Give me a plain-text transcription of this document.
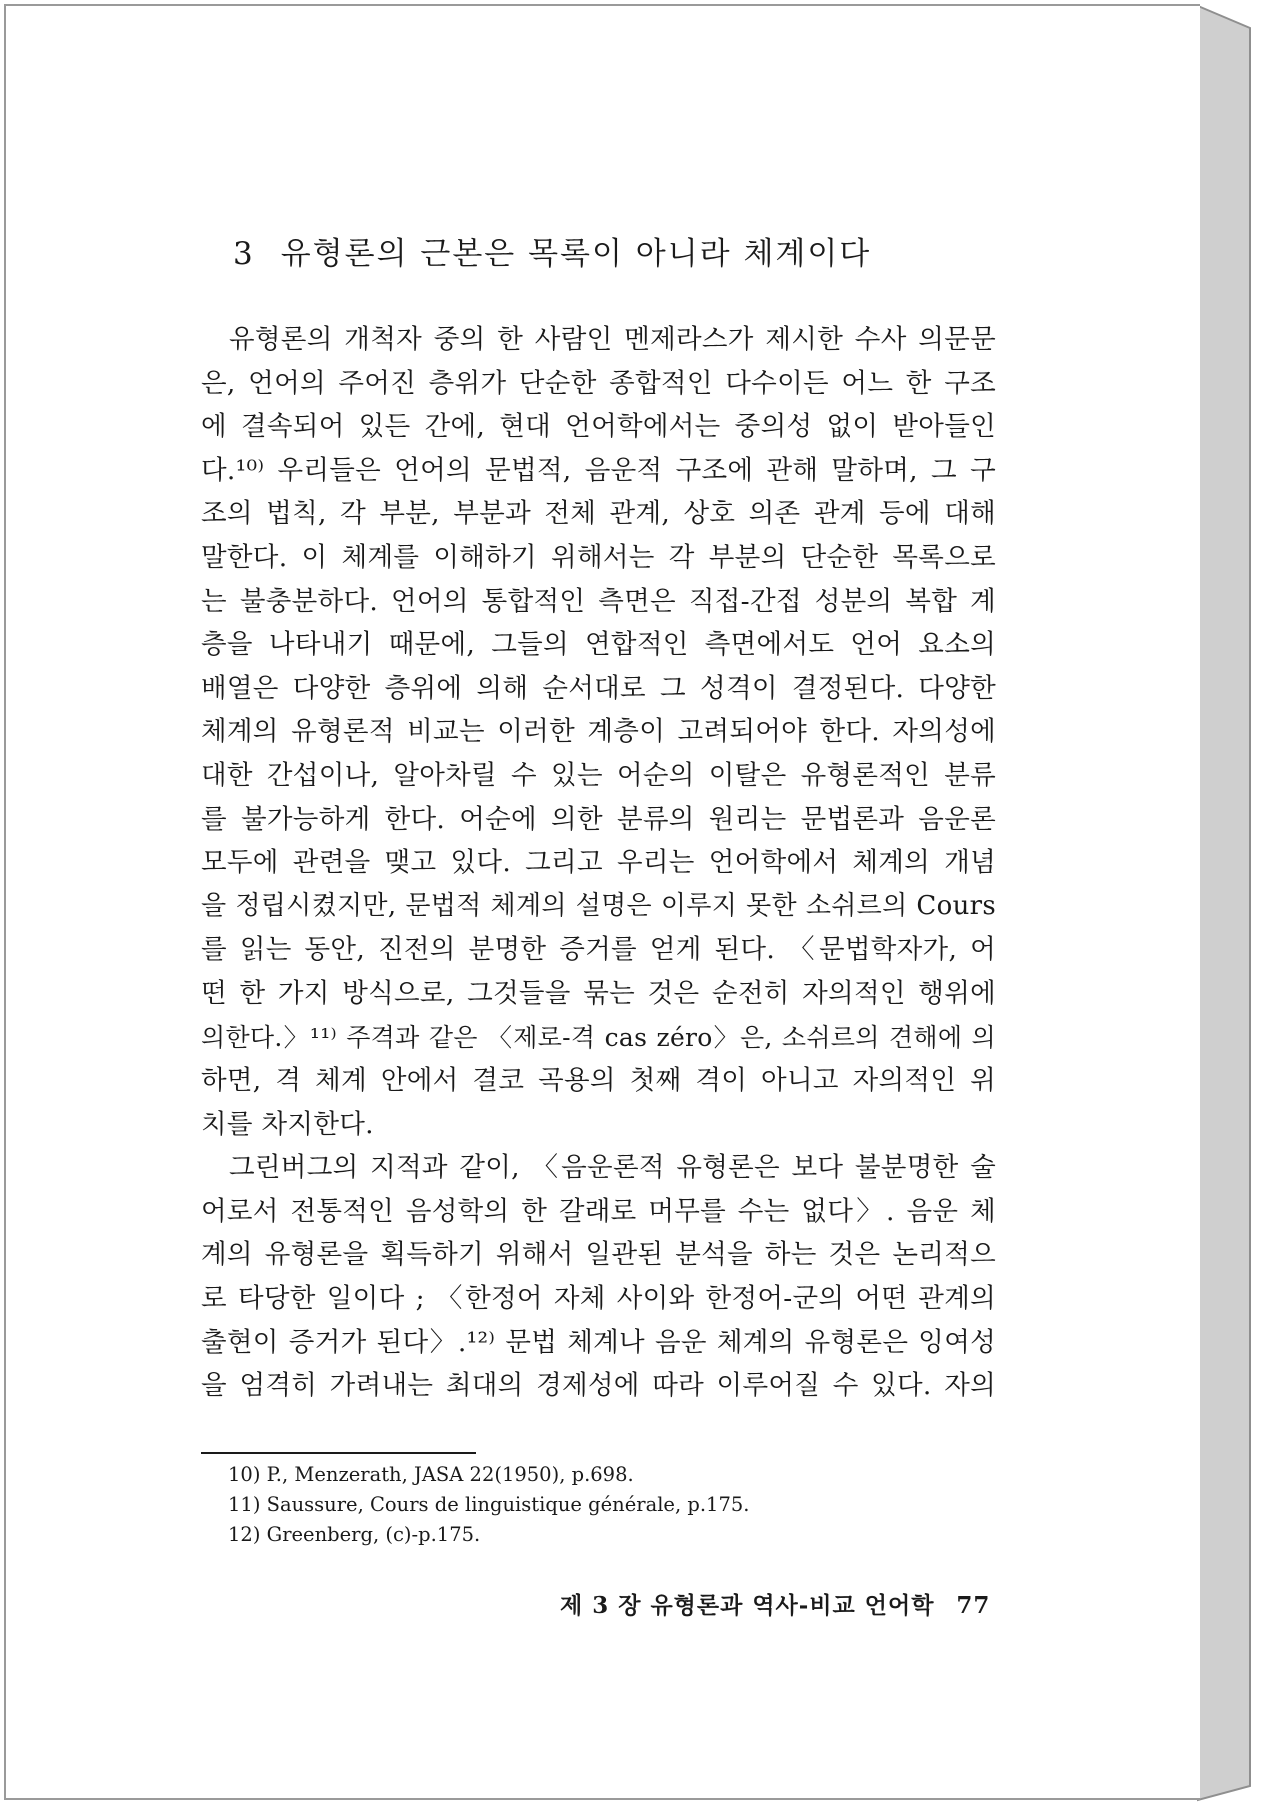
3 유형론의 근본은 목록이 아니라 체계이다
유형론의 개척자 중의 한 사람인 멘제라스가 제시한 수사 의문문
은, 언어의 주어진 층위가 단순한 종합적인 다수이든 어느 한 구조
에 결속되어 있든 간에, 현대 언어학에서는 중의성 없이 받아들인
다.¹⁰⁾ 우리들은 언어의 문법적, 음운적 구조에 관해 말하며, 그 구
조의 법칙, 각 부분, 부분과 전체 관계, 상호 의존 관계 등에 대해
말한다. 이 체계를 이해하기 위해서는 각 부분의 단순한 목록으로
는 불충분하다. 언어의 통합적인 측면은 직접-간접 성분의 복합 계
층을 나타내기 때문에, 그들의 연합적인 측면에서도 언어 요소의
배열은 다양한 층위에 의해 순서대로 그 성격이 결정된다. 다양한
체계의 유형론적 비교는 이러한 계층이 고려되어야 한다. 자의성에
대한 간섭이나, 알아차릴 수 있는 어순의 이탈은 유형론적인 분류
를 불가능하게 한다. 어순에 의한 분류의 원리는 문법론과 음운론
모두에 관련을 맺고 있다. 그리고 우리는 언어학에서 체계의 개념
을 정립시켰지만, 문법적 체계의 설명은 이루지 못한 소쉬르의 Cours
를 읽는 동안, 진전의 분명한 증거를 얻게 된다. 〈문법학자가, 어
떤 한 가지 방식으로, 그것들을 묶는 것은 순전히 자의적인 행위에
의한다.〉¹¹⁾ 주격과 같은 〈제로-격 cas zéro〉은, 소쉬르의 견해에 의
하면, 격 체계 안에서 결코 곡용의 첫째 격이 아니고 자의적인 위
치를 차지한다.
그린버그의 지적과 같이, 〈음운론적 유형론은 보다 불분명한 술
어로서 전통적인 음성학의 한 갈래로 머무를 수는 없다〉. 음운 체
계의 유형론을 획득하기 위해서 일관된 분석을 하는 것은 논리적으
로 타당한 일이다 ; 〈한정어 자체 사이와 한정어-군의 어떤 관계의
출현이 증거가 된다〉.¹²⁾ 문법 체계나 음운 체계의 유형론은 잉여성
을 엄격히 가려내는 최대의 경제성에 따라 이루어질 수 있다. 자의
10) P., Menzerath, JASA 22(1950), p.698.
11) Saussure, Cours de linguistique générale, p.175.
12) Greenberg, (c)-p.175.
제 3 장 유형론과 역사-비교 언어학 77
